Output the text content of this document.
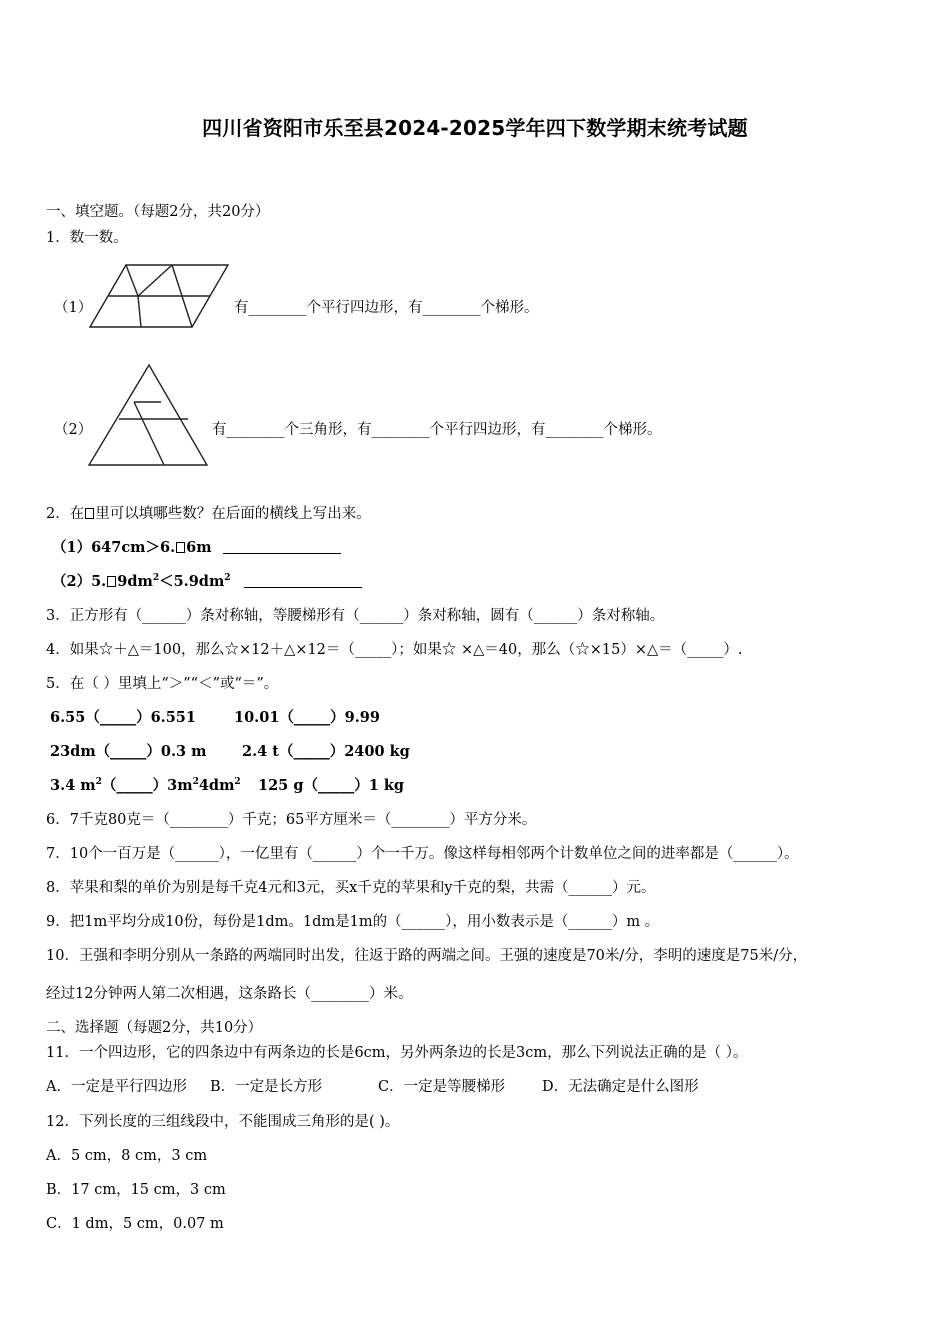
四川省资阳市乐至县2024-2025学年四下数学期末统考试题
一、填空题。（每题2分，共20分）
1．数一数。
（1）	有________个平行四边形，有________个梯形。
（2）	有________个三角形，有________个平行四边形，有________个梯形。
2．在 里可以填哪些数？在后面的横线上写出来。
（1）647cm＞6. 6m
（2）5. $9dm^2<5.9dm^2$
3．正方形有（______）条对称轴，等腰梯形有（______）条对称轴，圆有（______）条对称轴。
4．如果☆＋△＝100，那么☆×12＋△×12＝（_____）；如果☆ ×△＝40，那么（☆×15）×△＝（_____）.
5．在（ ）里填上“＞”“＜”或“＝”。
6.55（_____）6.551	10.01（_____）9.99
23dm（_____）0.3 m 2.4 t（_____）2400 kg
3.4 $m^2(\_\_\_\_\_)3m^24dm^2$ 125 g（_____）1 kg
6．7千克80克＝（________）千克；65平方厘米＝（________）平方分米。
7．10个一百万是（______），一亿里有（______）个一千万。像这样每相邻两个计数单位之间的进率都是（______）。
8．苹果和梨的单价为别是每千克4元和3元，买x千克的苹果和y千克的梨，共需（______）元。
9．把1m平均分成10份，每份是1dm。1dm是1m的（______），用小数表示是（______）m 。
10．王强和李明分别从一条路的两端同时出发，往返于路的两端之间。王强的速度是70米/分，李明的速度是75米/分，
经过12分钟两人第二次相遇，这条路长（________）米。
二、选择题（每题2分，共10分）
11．一个四边形，它的四条边中有两条边的长是6cm，另外两条边的长是3cm，那么下列说法正确的是（ ）。
A．一定是平行四边形 B．一定是长方形	C．一定是等腰梯形	D．无法确定是什么图形
12．下列长度的三组线段中，不能围成三角形的是( )。
A．5 cm，8 cm，3 cm
B．17 cm，15 cm，3 cm
C．1 dm，5 cm，0.07 m
